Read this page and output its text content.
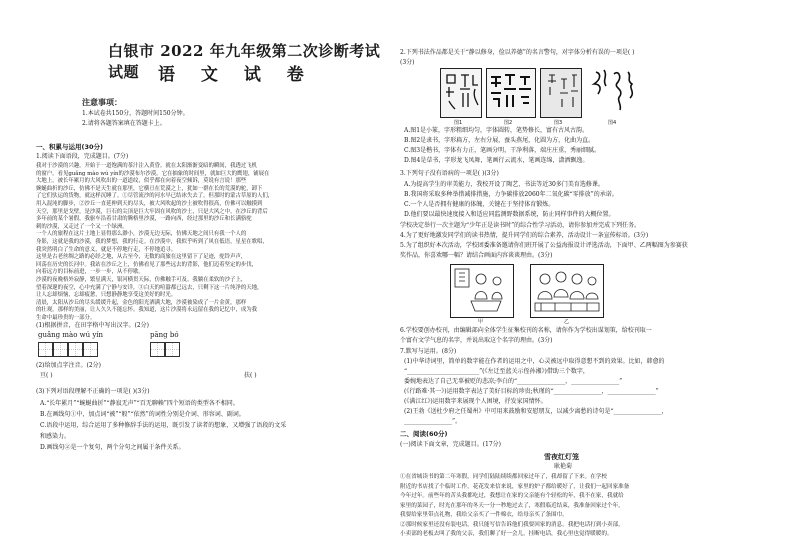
白银市 2022 年九年级第二次诊断考试试题	语 文 试 卷
注意事项：
1.本试卷共150分，答题时间150分钟。
2.请将各题答案填在答题卡上。
一、积累与运用(30分)
1.阅读下面语段，完成题目。(7分)
我对于沙漠的兴趣，开始于一道饱满的茶汁注入黄昏。就在太阳渐渐变暗的瞬间，我透过飞机
的窗户，看见guǎng mào wú yín的沙漠布尔沙漠，它在抽象的时间里，就如巨大的鹰翅，铺展在
大地上。被长年累月的大风吹出的一道道纹，似乎都在向着夜空倾诉，莫说有言说！那些
婉蜒曲折的沙丘，仿佛不是天生就在那里，它横亘在荒漠之上，犹如一群在长的荒漠的驼，卸下
了它们驮运的货物，就这样沉睡了。①尽管流沙的河水早已结冰失去了，但那时的蒙古草原的人们，
用入混沌的脚步，②沙丘一直延伸到天的尽头，被大风吹起的沙土被吹得很高，仿佛可以触摸到
天空，那里是戈壁，是沙漠，巨石的尖顶是巨大牢固在风吹的沙土，只是大风之中，在沙丘的背后
多年前的某个暑假，我驱车沿着甘肃的腾格里沙漠，一路向西，经过那里的沙丘和长满骆驼
刺的沙漠，又走过了一个又一个绿洲。
一个人的旅程在这片土地上显得那么渺小，沙漠无边无际，仿佛天地之间只有我一个人的
身影，这就是我的沙漠，我的梦想，我的行走。在沙漠中，我似乎听到了风在低语，星星在歌唱，
我突然明白了生命的意义，就是不停地行走，不停地追寻。
这里是古老丝绸之路的必经之地，从古至今，无数的商旅在这里留下了足迹，驼铃声声，
回荡在历史的长河中。我站在沙丘之上，仿佛看见了那些远去的背影，他们迈着坚定的步伐，
向着远方的目标前进，一步一步，从不停歇。
沙漠的夜晚格外寂静，繁星满天，银河横贯天际，仿佛触手可及。我躺在柔软的沙子上，
望着深邃的夜空，心中充满了宁静与安详，③白天的喧嚣都已远去，只剩下这一片纯净的天地，
让人忘却烦恼，忘却疲惫，只想静静地享受这美好的时光。
清晨，太阳从沙丘的尽头缓缓升起，金色的阳光洒满大地，沙漠被染成了一片金黄，那样
的壮观，那样的美丽，让人久久不能忘怀。我知道，这片沙漠将永远留在我的记忆中，成为我
生命中最珍贵的一部分。
(1)根据拼音，在田字格中写出汉字。(2分)
guǎng mào wú yín	pāng bó
(2)给加点字注音。(2分)
亘( )	扶( )
(3)下列对语段理解不正确的一项是( )(3分)
A.“长年累月”“蜿蜒曲折”“静寂无声”“百无聊赖”四个短语的类型各不相同。
B.在画线句①中，加点词“被”“般”“依然”的词性分别是介词、形容词、副词。
C.语段中运用，综合运用了多种修辞手法的运用，既引发了读者的想象，又增强了语段的文采
和感染力。
D.画线句②是一个复句，两个分句之间属于条件关系。
2.下列书法作品都是关于“静以修身，俭以养德”的名言警句，对字体分析有误的一项是( )
(3分)
图1	图2	图3	图4
A.图1是小篆，字形粗细均匀，字体圆转，笔势修长，富有古风古韵。
B.图2是隶书，字形扁方，左右分展，蚕头燕尾，化圆为方，化曲为直。
C.图3是楷书，字体有力正，笔画分明，干净利落，端庄庄重，秀丽细腻。
D.图4是草书，字形龙飞凤舞，笔画行云流水，笔画连绵，潇洒飘逸。
3.下列句子没有语病的一项是( )(3分)
A.为提高学生的审美能力，我校开设了陶艺、书法等近30多门美育选修课。
B.我国将采取多种举措减排措施，力争碳排放2060年二氧化碳“零排放”的承诺。
C.一个人是否拥有健康的体魄，关键在于坚持体育锻炼。
D.他们要以最快速度接入和适应同监测野数据系统，防止同样事件的大概位置。
学校决定举行一次主题为“少年正是读书时”的综合性学习活动，请你参加并完成下列任务。
4.为了更好地激发同学们的读书热情，提升同学们的综合素养，活动设计一条宣传标语。(3分)
5.为了组织好本次活动，学校团委准备邀请你们班开展了公益海报设计评选活动，下面甲、乙两幅图为参赛获
奖作品，你喜欢哪一幅？请结合画面内容谈谈理由。(3分)
甲	乙
6.学校要创办校刊，由编辑部向全体学生征集校刊的名称，请你作为学校出谋划策，给校刊取一
个富有文学气息的名字，并说出取这个名字的理由。(3分)
7.默写与运用。(8分)
(1)中华诗词里，简单的数字能在作者的运用之中，心灵被远中取得意想不到的效果。比如，韩愈的
“________________________”(《左迁至蓝关示侄孙湘》)借助三个数字，
委婉地表达了自己无辜被贬的悲凉;李白的“________________，________________”
(《行路难·其一》)运用数字表达了美好目标的珍贵;秋瑾的“________________，________________”
(《满江红》)运用数字来展现个人困境，抒发家国情怀。
(2)王勃《送杜少府之任蜀州》中可用来鼓励和安慰朋友，以减少离愁的诗句是“________________，
________________”。
二、阅读(60分)
(一)阅读下面文章，完成题目。(17分)
雪夜红灯笼
耿艳菊
①在省城读书的第二年寒假，同学们陆陆续续都回家过年了，我却留了下来。在学校
附近的书店找了个临时工作，花花发来信来说，家里的炉子都给暖好了，让我们一起回家准备
今年过年。前些年的苦头我都吃过，我想让在家的父亲能有个轻松的年，我不在家，我就给
家里的菜园子，时光在那年的冬天一分一秒地过去了，寒假临近结束，我准备回家过个年，
我要给家里带点礼物，我给父亲买了一件棉衣，给母亲买了条围巾。
②那时候家里还没有装电话，我只能写信告诉他们我要回家的消息。我把电话打到小卖部，
小卖部的老板去叫了我的父亲，我们聊了好一会儿，挂断电话，我心里也觉得暖暖的。
